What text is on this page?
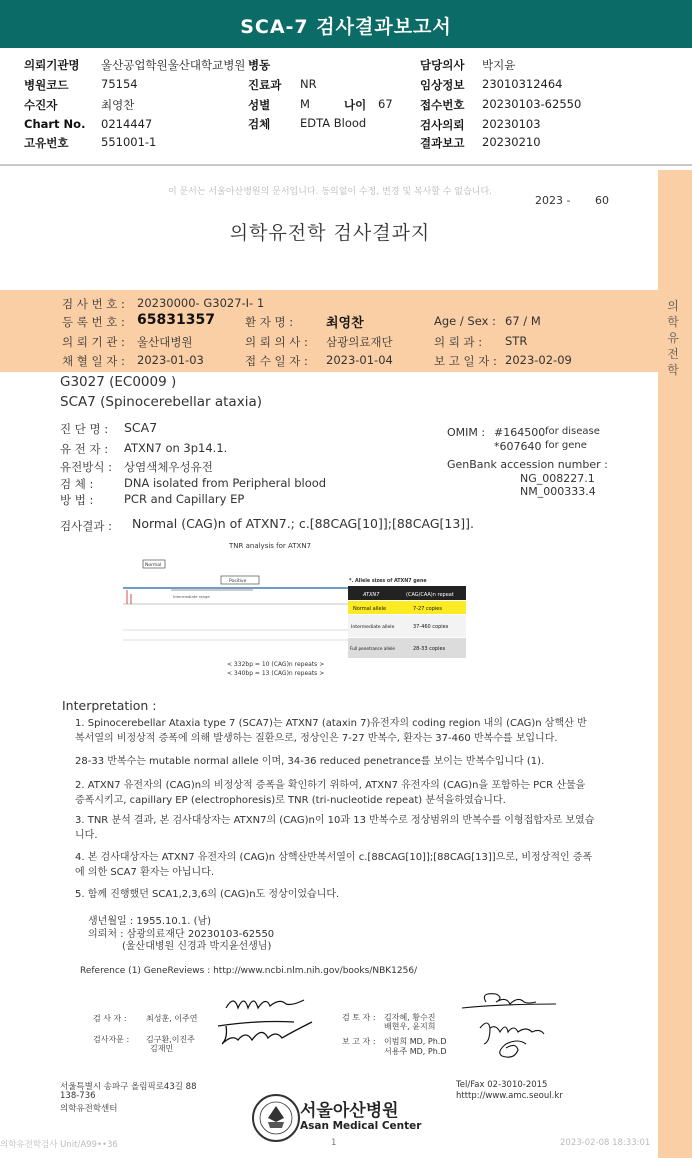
SCA-7 검사결과보고서
의뢰기관명 울산공업학원울산대학교병원 병동	담당의사 박지윤
병원코드	75154	진료과 NR	임상정보 23010312464
수진자	최영찬	성별	M	나이 67 접수번호 20230103-62550
Chart No. 0214447	검체	EDTA Blood	검사의뢰 20230103
고유번호	551001-1	결과보고 20230210
이 문서는 서울아산병원의 문서입니다. 동의없이 수정, 변경 및 복사할 수 없습니다.
2023 - 60
의학유전학 검사결과지
검 사 번 호 : 20230000- G3027-I- 1
등 록 번 호 : 65831357	환 자 명 :	최영찬	Age / Sex : 67 / M
의 뢰 기 관 : 울산대병원	의 뢰 의 사 : 삼광의료재단	의 뢰 과 : STR
채 혈 일 자 : 2023-01-03	접 수 일 자 : 2023-01-04	보 고 일 자 : 2023-02-09
의학유전학
G3027 (EC0009 )
SCA7 (Spinocerebellar ataxia)
진 단 명 : SCA7
유 전 자 : ATXN7 on 3p14.1.
유전방식 : 상염색체우성유전
검 체 :	DNA isolated from Peripheral blood
방 법 :	PCR and Capillary EP
OMIM : #164500 for disease
*607640 for gene
GenBank accession number :
NG_008227.1
NM_000333.4
검사결과 : Normal (CAG)n of ATXN7.; c.[88CAG[10]];[88CAG[13]].
TNR analysis for ATXN7
Normal
Positive
Intermediate range
*. Allele sizes of ATXN7 gene
ATXN7	(CAG/CAA)n repeat
Normal allele	7-27 copies
Intermediate allele	37-460 copies
Full penetrance allele	28-33 copies
< 332bp = 10 (CAG)n repeats >
< 340bp = 13 (CAG)n repeats >
Interpretation :
1. Spinocerebellar Ataxia type 7 (SCA7)는 ATXN7 (ataxin 7)유전자의 coding region 내의 (CAG)n 삼핵산 반복서열의 비정상적 증폭에 의해 발생하는 질환으로, 정상인은 7-27 반복수, 환자는 37-460 반복수를 보입니다.
28-33 반복수는 mutable normal allele 이며, 34-36 reduced penetrance를 보이는 반복수입니다 (1).
2. ATXN7 유전자의 (CAG)n의 비정상적 증폭을 확인하기 위하여, ATXN7 유전자의 (CAG)n을 포함하는 PCR 산물을 증폭시키고, capillary EP (electrophoresis)로 TNR (tri-nucleotide repeat) 분석을하였습니다.
3. TNR 분석 결과, 본 검사대상자는 ATXN7의 (CAG)n이 10과 13 반복수로 정상범위의 반복수를 이형접합자로 보였습니다.
4. 본 검사대상자는 ATXN7 유전자의 (CAG)n 삼핵산반복서열이 c.[88CAG[10]];[88CAG[13]]으로, 비정상적인 증폭에 의한 SCA7 환자는 아닙니다.
5. 함께 진행했던 SCA1,2,3,6의 (CAG)n도 정상이었습니다.
생년월일 : 1955.10.1. (남)
의뢰처 : 삼광의료재단 20230103-62550
(울산대병원 신경과 박지윤선생님)
Reference (1) GeneReviews : http://www.ncbi.nlm.nih.gov/books/NBK1256/
검 사 자 : 최성훈, 이주연
검사자문 : 김구환,이진주
김재민
검 토 자 : 김자혜, 황수진
배현우, 윤지희
보 고 자 : 이범희 MD, Ph.D
서용주 MD, Ph.D
서울특별시 송파구 올림픽로43길 88
138-736
의학유전학센터
Tel/Fax 02-3010-2015
htttp://www.amc.seoul.kr
서울아산병원
Asan Medical Center
의학유전학검사 Unit/A99••36	1	2023-02-08 18:33:01
